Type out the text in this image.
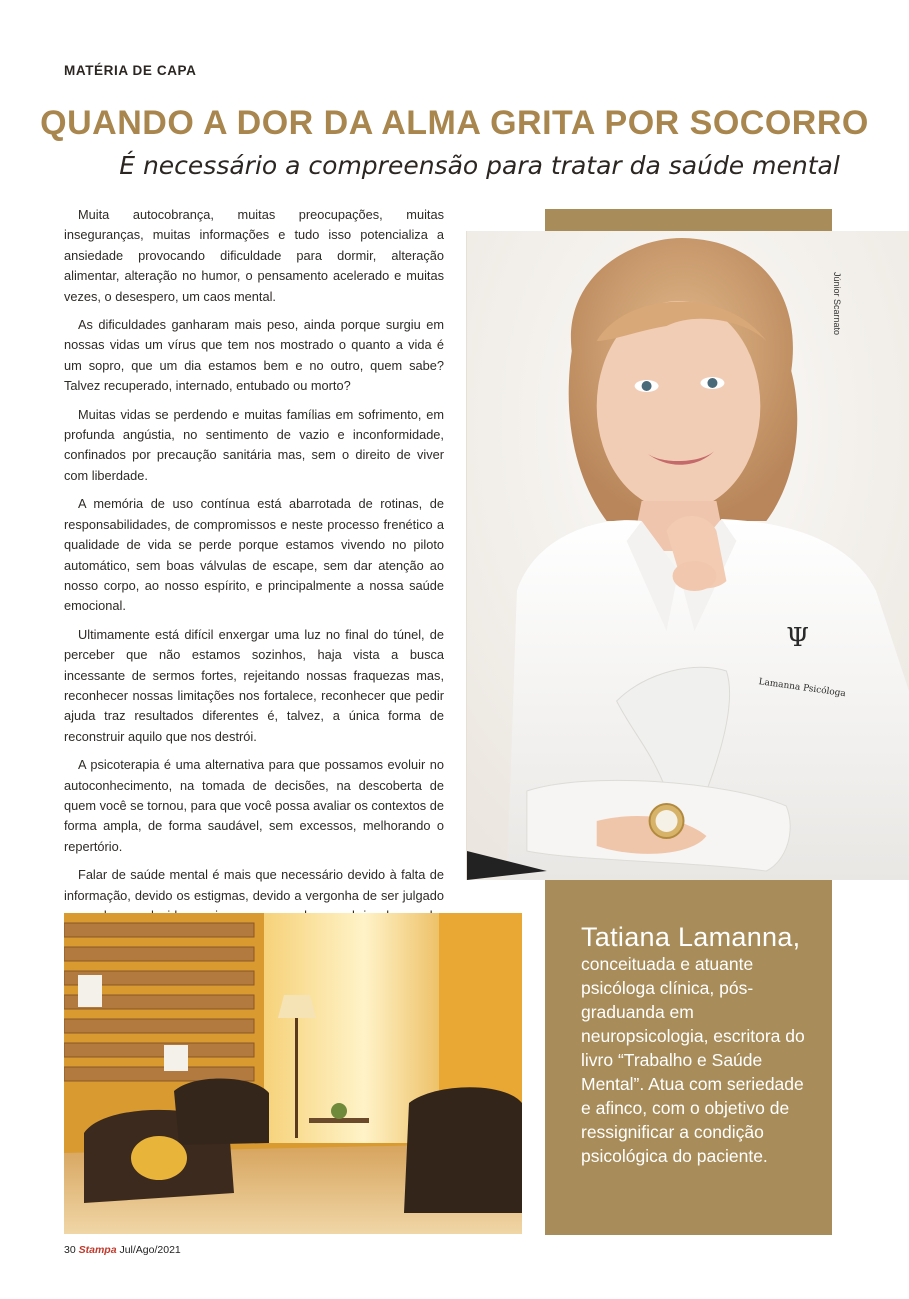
MATÉRIA DE CAPA
QUANDO A DOR DA ALMA GRITA POR SOCORRO
É necessário a compreensão para tratar da saúde mental

Muita autocobrança, muitas preocupações, muitas inseguranças, muitas informações e tudo isso potencializa a ansiedade provocando dificuldade para dormir, alteração alimentar, alteração no humor, o pensamento acelerado e muitas vezes, o desespero, um caos mental.

As dificuldades ganharam mais peso, ainda porque surgiu em nossas vidas um vírus que tem nos mostrado o quanto a vida é um sopro, que um dia estamos bem e no outro, quem sabe? Talvez recuperado, internado, entubado ou morto?

Muitas vidas se perdendo e muitas famílias em sofrimento, em profunda angústia, no sentimento de vazio e inconformidade, confinados por precaução sanitária mas, sem o direito de viver com liberdade.

A memória de uso contínua está abarrotada de rotinas, de responsabilidades, de compromissos e neste processo frenético a qualidade de vida se perde porque estamos vivendo no piloto automático, sem boas válvulas de escape, sem dar atenção ao nosso corpo, ao nosso espírito, e principalmente a nossa saúde emocional.

Ultimamente está difícil enxergar uma luz no final do túnel, de perceber que não estamos sozinhos, haja vista a busca incessante de sermos fortes, rejeitando nossas fraquezas mas, reconhecer nossas limitações nos fortalece, reconhecer que pedir ajuda traz resultados diferentes é, talvez, a única forma de reconstruir aquilo que nos destrói.

A psicoterapia é uma alternativa para que possamos evoluir no autoconhecimento, na tomada de decisões, na descoberta de quem você se tornou, para que você possa avaliar os contextos de forma ampla, de forma saudável, sem excessos, melhorando o repertório.

Falar de saúde mental é mais que necessário devido à falta de informação, devido os estigmas, devido a vergonha de ser julgado

Ψ
Lamanna Psicóloga
Júnior Scarnato
Tatiana Lamanna,
conceituada e atuante psicóloga clínica, pós-graduanda em neuropsicologia, escritora do livro “Trabalho e Saúde Mental”. Atua com seriedade e afinco, com o objetivo de ressignificar a condição psicológica do paciente.
30 Stampa Jul/Ago/2021
